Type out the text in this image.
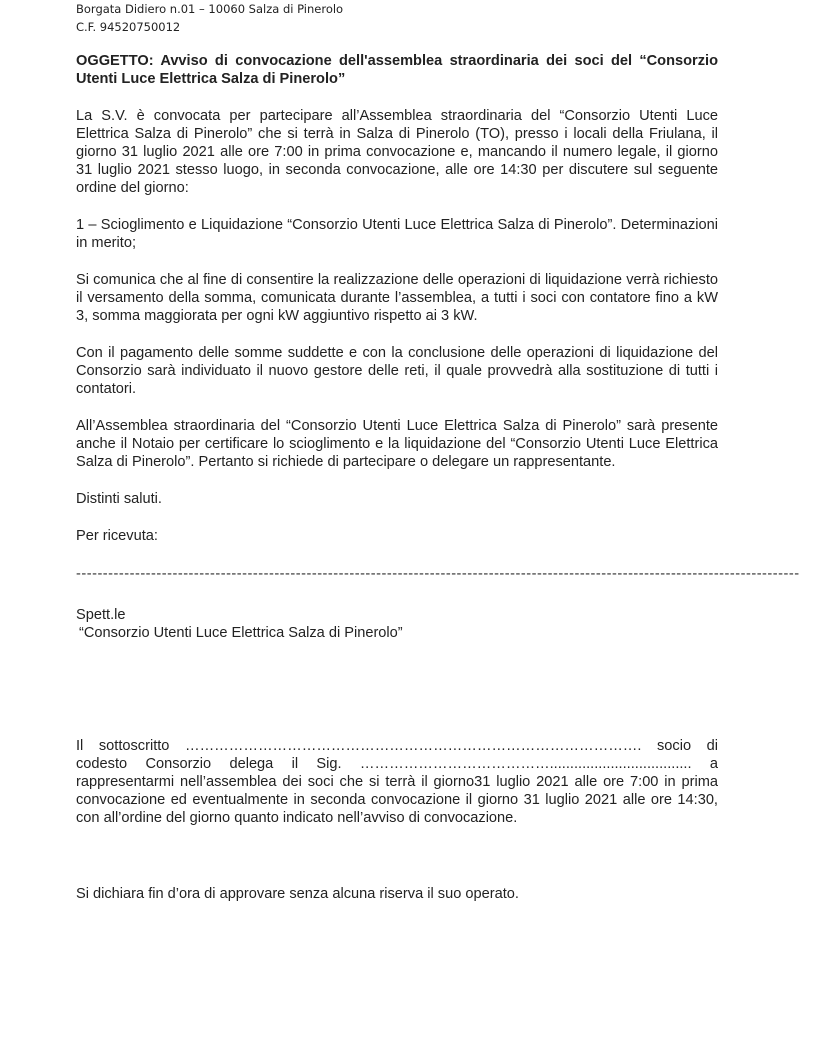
Borgata Didiero n.01 – 10060 Salza di Pinerolo
C.F. 94520750012
OGGETTO: Avviso di convocazione dell'assemblea straordinaria dei soci del “Consorzio Utenti Luce Elettrica Salza di Pinerolo”

La S.V. è convocata per partecipare all’Assemblea straordinaria del “Consorzio Utenti Luce Elettrica Salza di Pinerolo” che si terrà in Salza di Pinerolo (TO), presso i locali della Friulana, il giorno 31 luglio 2021 alle ore 7:00 in prima convocazione e, mancando il numero legale, il giorno 31 luglio 2021 stesso luogo, in seconda convocazione, alle ore 14:30 per discutere sul seguente ordine del giorno:

1 – Scioglimento e Liquidazione “Consorzio Utenti Luce Elettrica Salza di Pinerolo”. Determinazioni in merito;

Si comunica che al fine di consentire la realizzazione delle operazioni di liquidazione verrà richiesto il versamento della somma, comunicata durante l’assemblea, a tutti i soci con contatore fino a kW 3, somma maggiorata per ogni kW aggiuntivo rispetto ai 3 kW.

Con il pagamento delle somme suddette e con la conclusione delle operazioni di liquidazione del Consorzio sarà individuato il nuovo gestore delle reti, il quale provvedrà alla sostituzione di tutti i contatori.

All’Assemblea straordinaria del “Consorzio Utenti Luce Elettrica Salza di Pinerolo” sarà presente anche il Notaio per certificare lo scioglimento e la liquidazione del “Consorzio Utenti Luce Elettrica Salza di Pinerolo”. Pertanto si richiede di partecipare o delegare un rappresentante.

Distinti saluti.

Per ricevuta:

---------------------------------------------------------------------------------------------------------------------------------------
Spett.le
“Consorzio Utenti Luce Elettrica Salza di Pinerolo”

Il sottoscritto …………………………………………………………………………………. socio di codesto Consorzio delega il Sig. …………………………………................................... a rappresentarmi nell’assemblea dei soci che si terrà il giorno31 luglio 2021 alle ore 7:00 in prima convocazione ed eventualmente in seconda convocazione il giorno 31 luglio 2021 alle ore 14:30, con all’ordine del giorno quanto indicato nell’avviso di convocazione.

Si dichiara fin d’ora di approvare senza alcuna riserva il suo operato.
